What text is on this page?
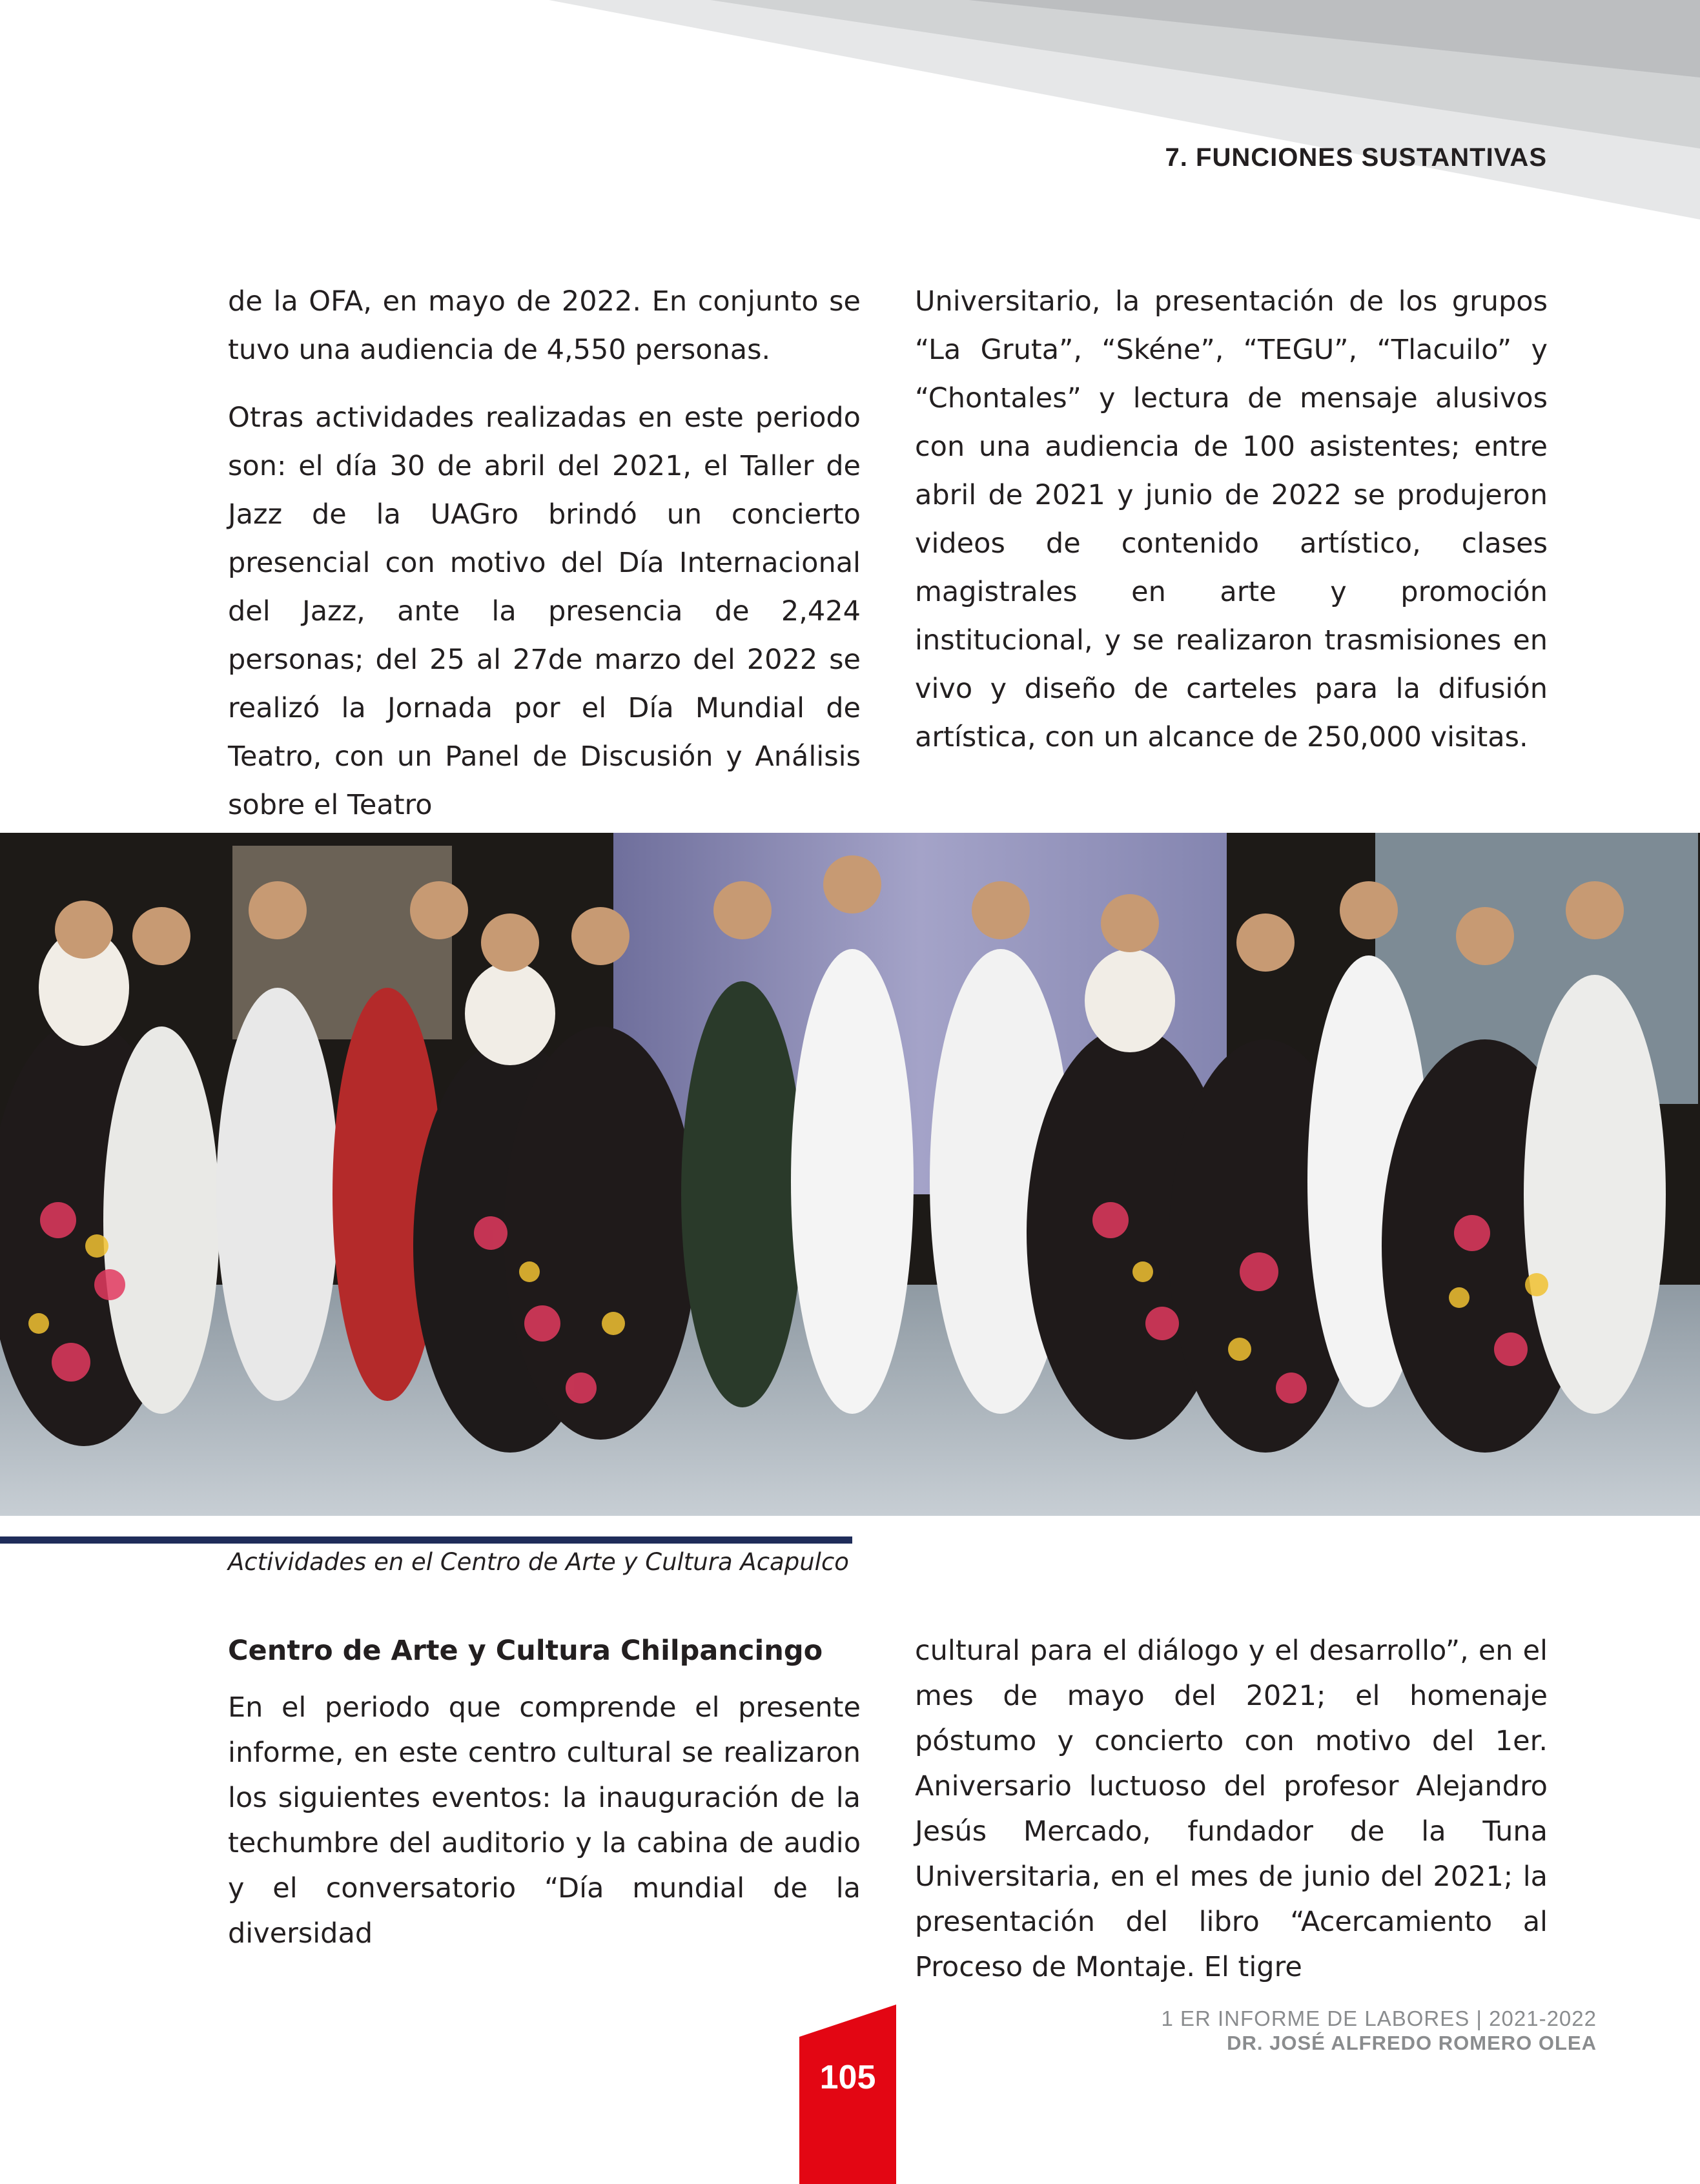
7. FUNCIONES SUSTANTIVAS

de la OFA, en mayo de 2022. En conjunto se tuvo una audiencia de 4,550 personas.

Otras actividades realizadas en este periodo son: el día 30 de abril del 2021, el Taller de Jazz de la UAGro brindó un concierto presencial con motivo del Día Internacional del Jazz, ante la presencia de 2,424 personas; del 25 al 27de marzo del 2022 se realizó la Jornada por el Día Mundial de Teatro, con un Panel de Discusión y Análisis sobre el Teatro

Universitario, la presentación de los grupos “La Gruta”, “Skéne”, “TEGU”, “Tlacuilo” y “Chontales” y lectura de mensaje alusivos con una audiencia de 100 asistentes; entre abril de 2021 y junio de 2022 se produjeron videos de contenido artístico, clases magistrales en arte y promoción institucional, y se realizaron trasmisiones en vivo y diseño de carteles para la difusión artística, con un alcance de 250,000 visitas.

Actividades en el Centro de Arte y Cultura Acapulco

Centro de Arte y Cultura Chilpancingo

En el periodo que comprende el presente informe, en este centro cultural se realizaron los siguientes eventos: la inauguración de la techumbre del auditorio y la cabina de audio y el conversatorio “Día mundial de la diversidad

cultural para el diálogo y el desarrollo”, en el mes de mayo del 2021; el homenaje póstumo y concierto con motivo del 1er. Aniversario luctuoso del profesor Alejandro Jesús Mercado, fundador de la Tuna Universitaria, en el mes de junio del 2021; la presentación del libro “Acercamiento al Proceso de Montaje. El tigre

105
1 ER INFORME DE LABORES | 2021-2022
DR. JOSÉ ALFREDO ROMERO OLEA
